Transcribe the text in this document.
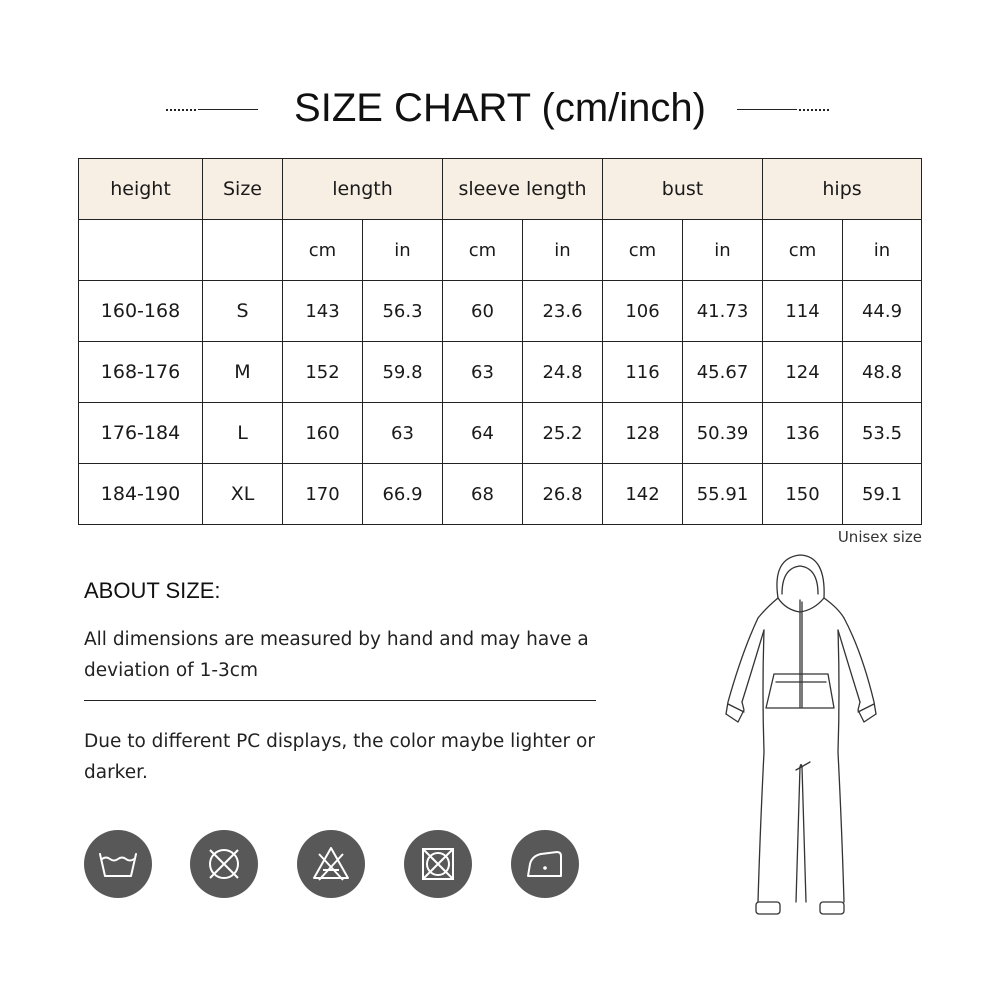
SIZE CHART (cm/inch)
height	Size	length		sleeve length		bust		hips	
		cm	in	cm	in	cm	in	cm	in
160-168	S	143	56.3	60	23.6	106	41.73	114	44.9
168-176	M	152	59.8	63	24.8	116	45.67	124	48.8
176-184	L	160	63	64	25.2	128	50.39	136	53.5
184-190	XL	170	66.9	68	26.8	142	55.91	150	59.1
Unisex size
ABOUT SIZE:
All dimensions are measured by hand and may have a deviation of 1-3cm
Due to different PC displays, the color maybe lighter or darker.
